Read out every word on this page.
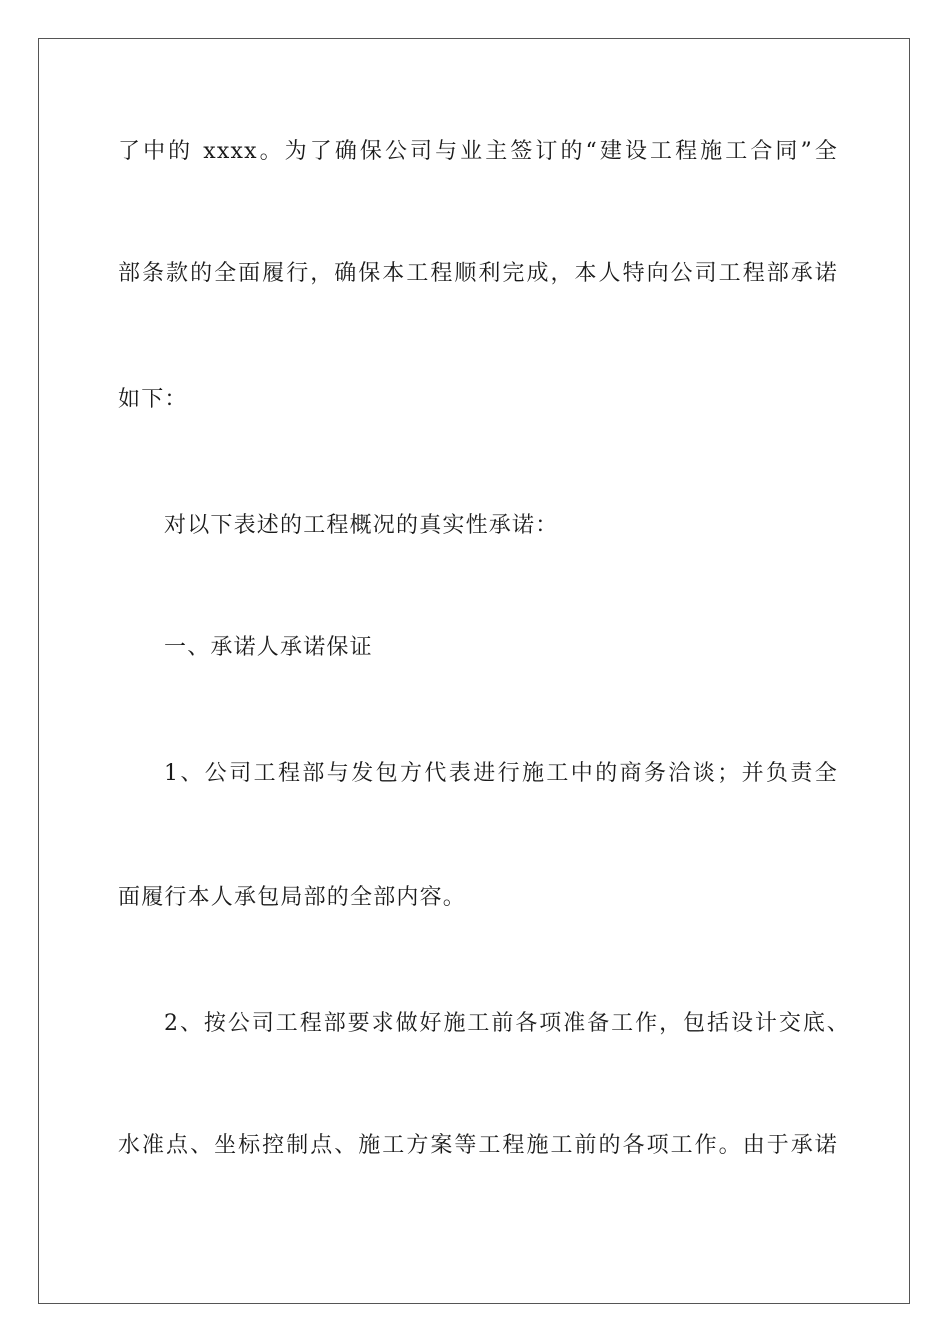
了中的 xxxx。为了确保公司与业主签订的“建设工程施工合同”全

部条款的全面履行，确保本工程顺利完成，本人特向公司工程部承诺

如下：

对以下表述的工程概况的真实性承诺：

一、承诺人承诺保证

1、公司工程部与发包方代表进行施工中的商务洽谈；并负责全

面履行本人承包局部的全部内容。

2、按公司工程部要求做好施工前各项准备工作，包括设计交底、

水准点、坐标控制点、施工方案等工程施工前的各项工作。由于承诺
